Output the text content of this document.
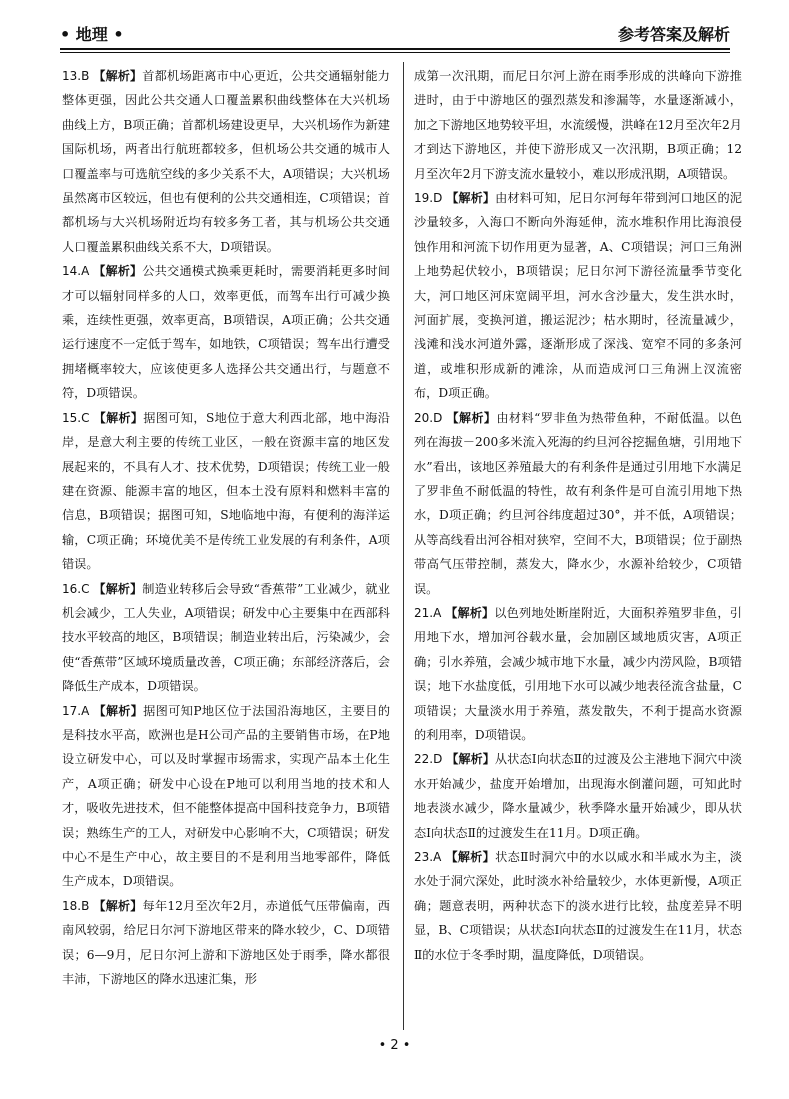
• 地理 •	参考答案及解析
13.B 【解析】首都机场距离市中心更近，公共交通辐射能力整体更强，因此公共交通人口覆盖累积曲线整体在大兴机场曲线上方，B项正确；首都机场建设更早，大兴机场作为新建国际机场，两者出行航班都较多，但机场公共交通的城市人口覆盖率与可选航空线的多少关系不大，A项错误；大兴机场虽然离市区较远，但也有便利的公共交通相连，C项错误；首都机场与大兴机场附近均有较多务工者，其与机场公共交通人口覆盖累积曲线关系不大，D项错误。
14.A 【解析】公共交通模式换乘更耗时，需要消耗更多时间才可以辐射同样多的人口，效率更低，而驾车出行可减少换乘，连续性更强，效率更高，B项错误，A项正确；公共交通运行速度不一定低于驾车，如地铁，C项错误；驾车出行遭受拥堵概率较大，应该使更多人选择公共交通出行，与题意不符，D项错误。
15.C 【解析】据图可知，S地位于意大利西北部，地中海沿岸，是意大利主要的传统工业区，一般在资源丰富的地区发展起来的，不具有人才、技术优势，D项错误；传统工业一般建在资源、能源丰富的地区，但本土没有原料和燃料丰富的信息，B项错误；据图可知，S地临地中海，有便利的海洋运输，C项正确；环境优美不是传统工业发展的有利条件，A项错误。
16.C 【解析】制造业转移后会导致“香蕉带”工业减少，就业机会减少，工人失业，A项错误；研发中心主要集中在西部科技水平较高的地区，B项错误；制造业转出后，污染减少，会使“香蕉带”区域环境质量改善，C项正确；东部经济落后，会降低生产成本，D项错误。
17.A 【解析】据图可知P地区位于法国沿海地区，主要目的是科技水平高，欧洲也是H公司产品的主要销售市场，在P地设立研发中心，可以及时掌握市场需求，实现产品本土化生产，A项正确；研发中心设在P地可以利用当地的技术和人才，吸收先进技术，但不能整体提高中国科技竞争力，B项错误；熟练生产的工人，对研发中心影响不大，C项错误；研发中心不是生产中心，故主要目的不是利用当地零部件，降低生产成本，D项错误。
18.B 【解析】每年12月至次年2月，赤道低气压带偏南，西南风较弱，给尼日尔河下游地区带来的降水较少，C、D项错误；6—9月，尼日尔河上游和下游地区处于雨季，降水都很丰沛，下游地区的降水迅速汇集，形
成第一次汛期，而尼日尔河上游在雨季形成的洪峰向下游推进时，由于中游地区的强烈蒸发和渗漏等，水量逐渐减小，加之下游地区地势较平坦，水流缓慢，洪峰在12月至次年2月才到达下游地区，并使下游形成又一次汛期，B项正确；12月至次年2月下游支流水量较小，难以形成汛期，A项错误。
19.D 【解析】由材料可知，尼日尔河每年带到河口地区的泥沙量较多，入海口不断向外海延伸，流水堆积作用比海浪侵蚀作用和河流下切作用更为显著，A、C项错误；河口三角洲上地势起伏较小，B项错误；尼日尔河下游径流量季节变化大，河口地区河床宽阔平坦，河水含沙量大，发生洪水时，河面扩展，变换河道，搬运泥沙；枯水期时，径流量减少，浅滩和浅水河道外露，逐渐形成了深浅、宽窄不同的多条河道，或堆积形成新的滩涂，从而造成河口三角洲上汊流密布，D项正确。
20.D 【解析】由材料“罗非鱼为热带鱼种，不耐低温。以色列在海拔－200多米流入死海的约旦河谷挖掘鱼塘，引用地下水”看出，该地区养殖最大的有利条件是通过引用地下水满足了罗非鱼不耐低温的特性，故有利条件是可自流引用地下热水，D项正确；约旦河谷纬度超过30°，并不低，A项错误；从等高线看出河谷相对狭窄，空间不大，B项错误；位于副热带高气压带控制，蒸发大，降水少，水源补给较少，C项错误。
21.A 【解析】以色列地处断崖附近，大面积养殖罗非鱼，引用地下水，增加河谷载水量，会加剧区域地质灾害，A项正确；引水养殖，会减少城市地下水量，减少内涝风险，B项错误；地下水盐度低，引用地下水可以减少地表径流含盐量，C项错误；大量淡水用于养殖，蒸发散失，不利于提高水资源的利用率，D项错误。
22.D 【解析】从状态Ⅰ向状态Ⅱ的过渡及公主港地下洞穴中淡水开始减少，盐度开始增加，出现海水倒灌问题，可知此时地表淡水减少，降水量减少，秋季降水量开始减少，即从状态Ⅰ向状态Ⅱ的过渡发生在11月。D项正确。
23.A 【解析】状态Ⅱ时洞穴中的水以咸水和半咸水为主，淡水处于洞穴深处，此时淡水补给量较少，水体更新慢，A项正确；题意表明，两种状态下的淡水进行比较，盐度差异不明显，B、C项错误；从状态Ⅰ向状态Ⅱ的过渡发生在11月，状态Ⅱ的水位于冬季时期，温度降低，D项错误。
• 2 •
